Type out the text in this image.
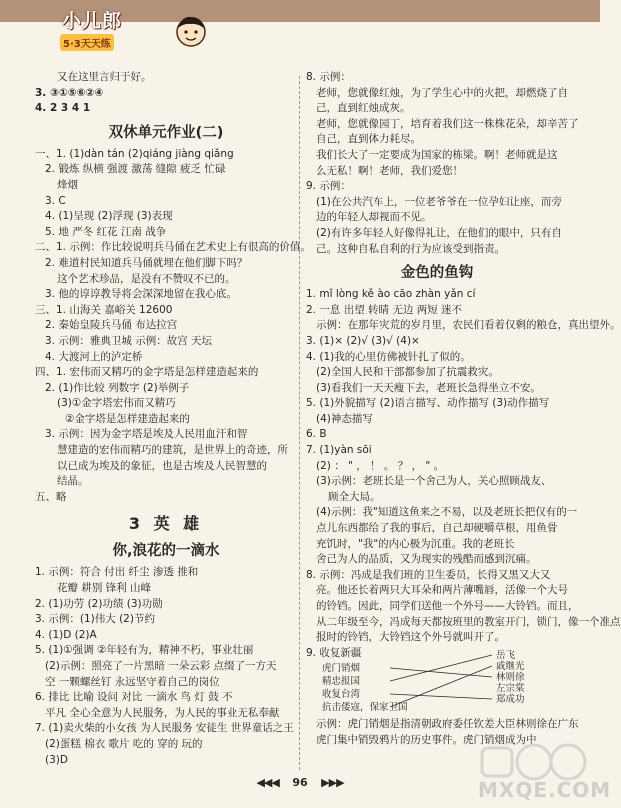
小儿郎
5·3天天练
又在这里言归于好。
3. ③①⑤⑥②④
4. 2 3 4 1
双休单元作业(二)
一、1. (1)dàn tán (2)qiáng jiàng qiǎng
2. 锻炼 纵横 强渡 激荡 缝隙 疲乏 忙碌
烽烟
3. C
4. (1)呈现 (2)浮现 (3)表现
5. 地 严冬 红花 江南 战争
二、1. 示例：作比较说明兵马俑在艺术史上有很高的价值。
2. 难道村民知道兵马俑就埋在他们脚下吗？
这个艺术珍品，是没有不赞叹不已的。
3. 他的谆谆教导将会深深地留在我心底。
三、1. 山海关 嘉峪关 12600
2. 秦始皇陵兵马俑 布达拉宫
3. 示例：雅典卫城 示例：故宫 天坛
4. 大渡河上的泸定桥
四、1. 宏伟而又精巧的金字塔是怎样建造起来的
2. (1)作比较 列数字 (2)举例子
(3)①金字塔宏伟而又精巧
②金字塔是怎样建造起来的
3. 示例：因为金字塔是埃及人民用血汗和智
慧建造的宏伟而精巧的建筑，是世界上的奇迹，所
以已成为埃及的象征，也是古埃及人民智慧的
结晶。
五、略
3 英 雄
你,浪花的一滴水
1. 示例：符合 付出 纤尘 渗透 推和
花瓣 耕别 锋利 山峰
2. (1)功劳 (2)功绩 (3)功勋
3. 示例：(1)伟大 (2)节约
4. (1)D (2)A
5. (1)①强调 ②年轻有为，精神不朽，事业壮丽
(2)示例：照亮了一片黑暗 一朵云彩 点缀了一方天
空 一颗螺丝钉 永远坚守着自己的岗位
6. 排比 比喻 设问 对比 一滴水 鸟 灯 鼓 不
平凡 全心全意为人民服务，为人民的事业无私奉献
7. (1)卖火柴的小女孩 为人民服务 安徒生 世界童话之王
(2)蛋糕 棉衣 歌片 吃的 穿的 玩的
(3)D
8. 示例：
老师，您就像红烛，为了学生心中的火把，却燃烧了自
己，直到红烛成灰。
老师，您就像园丁，培育着我们这一株株花朵，却辛苦了
自己，直到体力耗尽。
我们长大了一定要成为国家的栋梁。啊！老师就是这
么无私！啊！老师，我们爱您！
9. 示例：
(1)在公共汽车上，一位老爷爷在一位孕妇让座，而旁
边的年轻人却视而不见。
(2)有许多年轻人好像得礼让，在他们的眼中，只有自
己。这种自私自利的行为应该受到指责。
金色的鱼钩
1. mǐ lòng kě ào cāo zhàn yǎn cí
2. 一息 出望 转睛 无边 两短 迷不
示例：在那年灾荒的岁月里，农民们看着仅剩的粮仓，真出望外。
3. (1)× (2)√ (3)√ (4)×
4. (1)我的心里仿佛被针扎了似的。
(2)全国人民和干部都参加了抗震救灾。
(3)看我们一天天瘦下去，老班长急得坐立不安。
5. (1)外貌描写 (2)语言描写、动作描写 (3)动作描写
(4)神态描写
6. B
7. (1)yàn sōi
(2) ： " ， ！ 。 ？ ， " 。
(3)示例：老班长是一个舍己为人，关心照顾战友、
顾全大局。
(4)示例：我"知道这鱼来之不易，以及老班长把仅有的一
点儿东西都给了我的事后，自己却硬嚼草根，用鱼骨
充饥时，"我"的内心极为沉重。我的老班长
舍己为人的品质，又为现实的残酷而感到沉痛。
8. 示例：冯成是我们班的卫生委员，长得又黑又大又
亮。他还长着两只大耳朵和两片薄嘴唇，活像一个大号
的铃铛。因此，同学们送他一个外号——大铃铛。而且，
从二年级至今，冯成每天都按班里的教室开门，锁门，像一个准点
报时的铃铛，大铃铛这个外号就叫开了。
9. 收复新疆
虎门销烟
精忠报国
收复台湾
抗击倭寇，保家卫国
岳飞
戚继光
林则徐
左宗棠
郑成功
示例：虎门销烟是指清朝政府委任钦差大臣林则徐在广东
虎门集中销毁鸦片的历史事件。虎门销烟成为中
◀◀◀ 96 ▶▶▶	MXQE.COM
